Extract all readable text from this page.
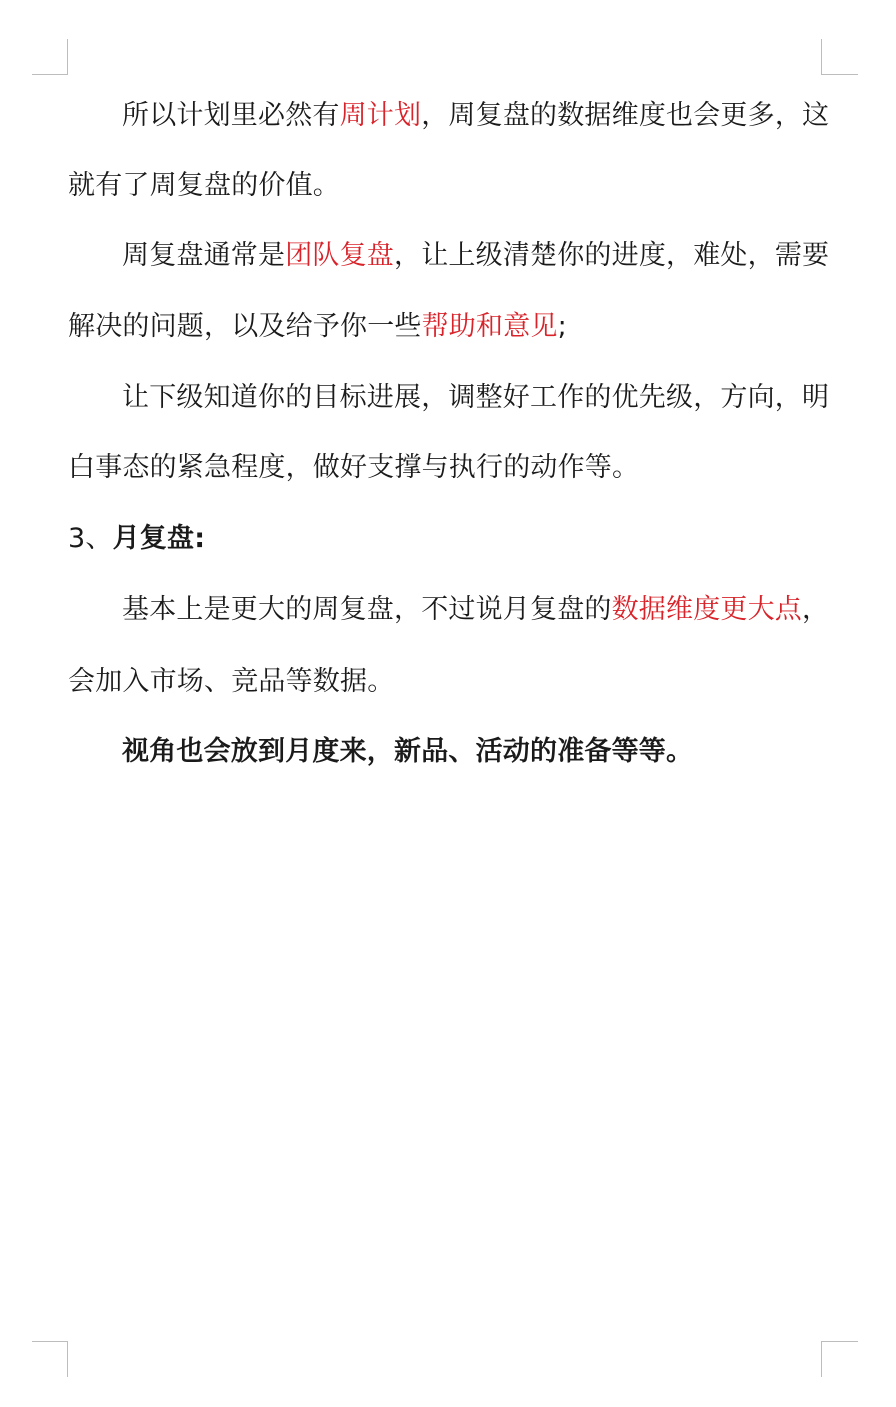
所以计划里必然有周计划，周复盘的数据维度也会更多，这
就有了周复盘的价值。
周复盘通常是团队复盘，让上级清楚你的进度，难处，需要
解决的问题，以及给予你一些帮助和意见;
让下级知道你的目标进展，调整好工作的优先级，方向，明
白事态的紧急程度，做好支撑与执行的动作等。
3、月复盘:
基本上是更大的周复盘，不过说月复盘的数据维度更大点，
会加入市场、竞品等数据。
视角也会放到月度来，新品、活动的准备等等。
